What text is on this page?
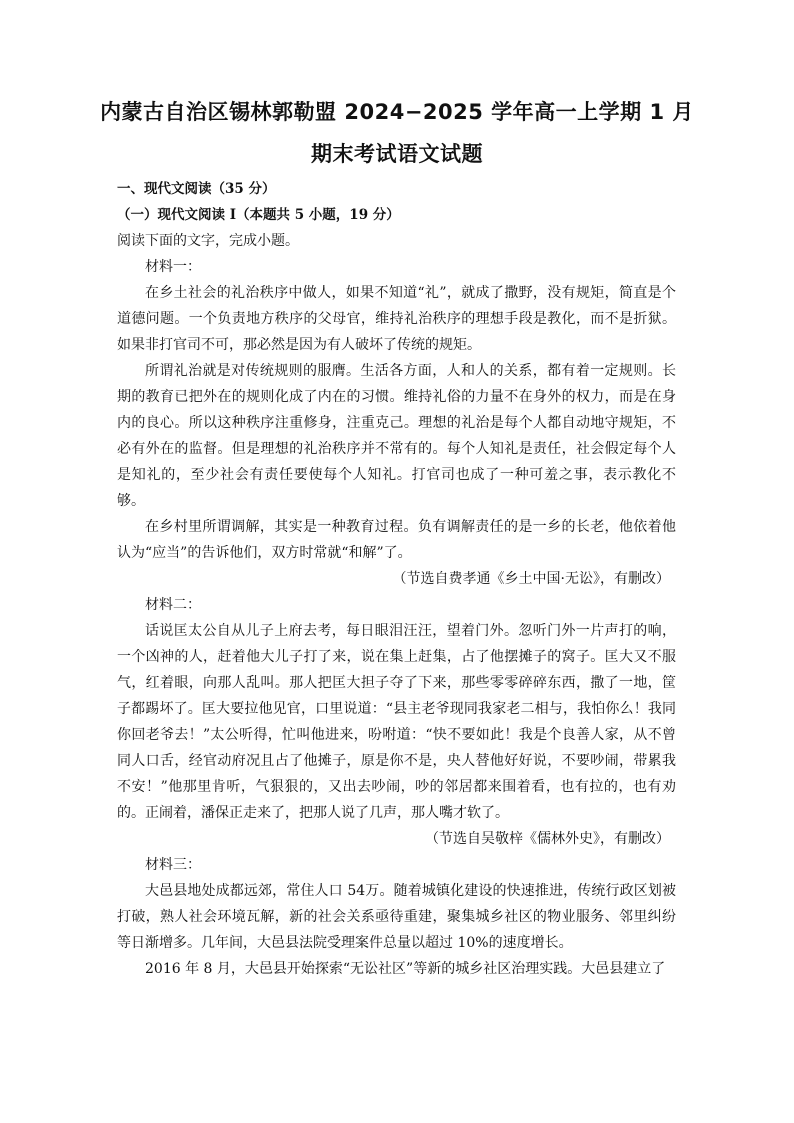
内蒙古自治区锡林郭勒盟 2024−2025 学年高一上学期 1 月
期末考试语文试题

一、现代文阅读（35 分）

（一）现代文阅读 I（本题共 5 小题，19 分）

阅读下面的文字，完成小题。

材料一：

在乡土社会的礼治秩序中做人，如果不知道“礼”，就成了撒野，没有规矩，简直是个道德问题。一个负责地方秩序的父母官，维持礼治秩序的理想手段是教化，而不是折狱。如果非打官司不可，那必然是因为有人破坏了传统的规矩。

所谓礼治就是对传统规则的服膺。生活各方面，人和人的关系，都有着一定规则。长期的教育已把外在的规则化成了内在的习惯。维持礼俗的力量不在身外的权力，而是在身内的良心。所以这种秩序注重修身，注重克己。理想的礼治是每个人都自动地守规矩，不必有外在的监督。但是理想的礼治秩序并不常有的。每个人知礼是责任，社会假定每个人是知礼的，至少社会有责任要使每个人知礼。打官司也成了一种可羞之事，表示教化不够。

在乡村里所谓调解，其实是一种教育过程。负有调解责任的是一乡的长老，他依着他认为“应当”的告诉他们，双方时常就“和解”了。

（节选自费孝通《乡土中国·无讼》，有删改）

材料二：

话说匡太公自从儿子上府去考，每日眼泪汪汪，望着门外。忽听门外一片声打的响，一个凶神的人，赶着他大儿子打了来，说在集上赶集，占了他摆摊子的窝子。匡大又不服气，红着眼，向那人乱叫。那人把匡大担子夺了下来，那些零零碎碎东西，撒了一地，筐子都踢坏了。匡大要拉他见官，口里说道：“县主老爷现同我家老二相与，我怕你么！我同你回老爷去！”太公听得，忙叫他进来，吩咐道：“快不要如此！我是个良善人家，从不曾同人口舌，经官动府况且占了他摊子，原是你不是，央人替他好好说，不要吵闹，带累我不安！”他那里肯听，气狠狠的，又出去吵闹，吵的邻居都来围着看，也有拉的，也有劝的。正闹着，潘保正走来了，把那人说了几声，那人嘴才软了。

（节选自吴敬梓《儒林外史》，有删改）

材料三：

大邑县地处成都远郊，常住人口 54万。随着城镇化建设的快速推进，传统行政区划被打破，熟人社会环境瓦解，新的社会关系亟待重建，聚集城乡社区的物业服务、邻里纠纷等日渐增多。几年间，大邑县法院受理案件总量以超过 10%的速度增长。

2016 年 8 月，大邑县开始探索“无讼社区”等新的城乡社区治理实践。大邑县建立了
